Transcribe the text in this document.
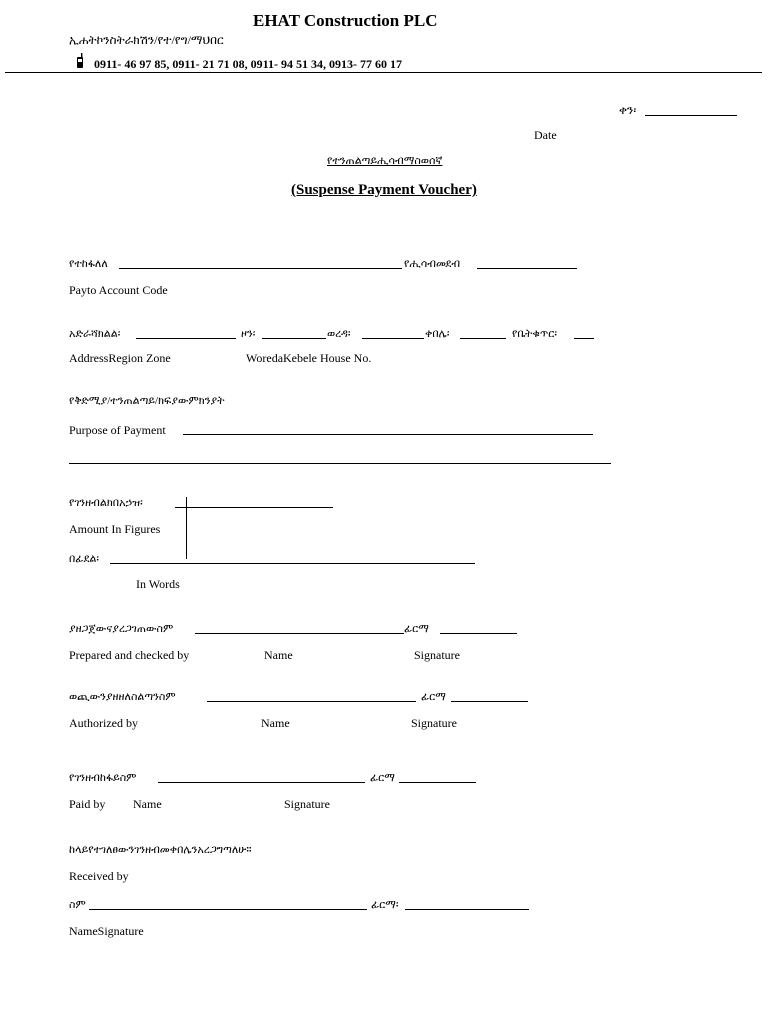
EHAT Construction PLC
ኢሐትኮንስትራክሽን/የተ/የግ/ማህበር
0911- 46 97 85, 0911- 21 71 08, 0911- 94 51 34, 0913- 77 60 17
ቀን፡
Date
የተንጠልጣይሒሳብማስወሰኛ
(Suspense Payment Voucher)
የተከፋለለ	የሒሳብመደብ
Payto Account Code
አድራሻክልል፡	ዞን፡	ወረዳ፡	ቀበሌ፡	የቤትቁጥር፡
AddressRegion Zone	WoredaKebele House No.
የቅድሚያ/ተንጠልጣይ/ክፍያውምክንያት
Purpose of Payment
የገንዘብልክበአኃዝ፡
Amount In Figures
በፊደል፡
In Words
ያዘጋጀውናያረጋገጠውስም	ፊርማ
Prepared and checked by	Name	Signature
ወጪውንያዘዘለስልጣንስም	ፊርማ
Authorized by	Name	Signature
የገንዘብከፋይስም	ፊርማ
Paid by Name	Signature
ከላይየተገለፀውንገንዘብመቀበሌንአረጋግጣለሁ።
Received by
ስም	ፊርማ፡
NameSignature
